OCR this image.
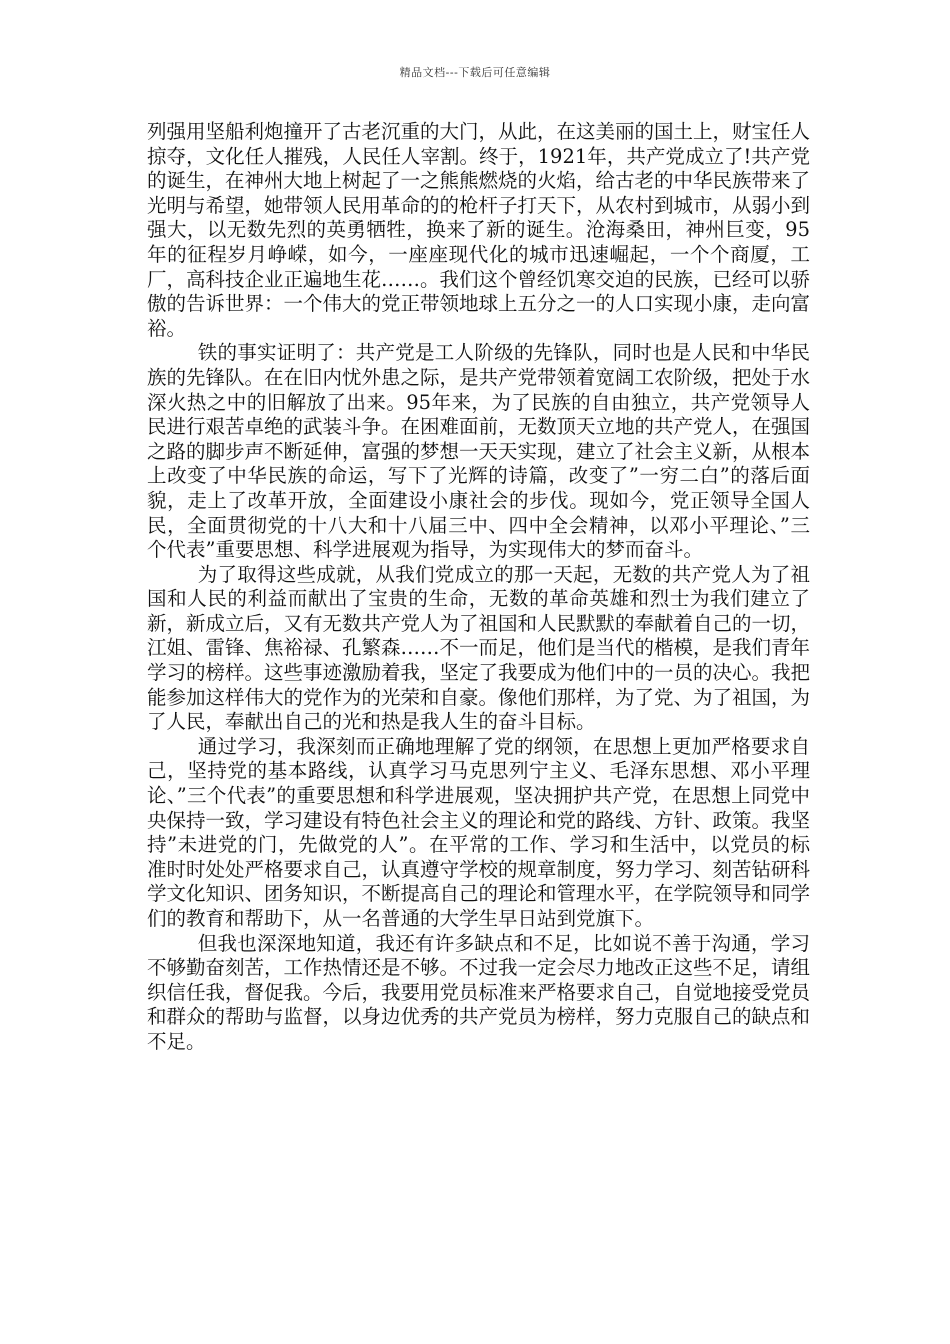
精品文档---下载后可任意编辑

列强用坚船利炮撞开了古老沉重的大门，从此，在这美丽的国土上，财宝任人掠夺，文化任人摧残，人民任人宰割。终于，1921年，共产党成立了!共产党的诞生，在神州大地上树起了一之熊熊燃烧的火焰，给古老的中华民族带来了光明与希望，她带领人民用革命的的枪杆子打天下，从农村到城市，从弱小到强大，以无数先烈的英勇牺牲，换来了新的诞生。沧海桑田，神州巨变，95年的征程岁月峥嵘，如今，一座座现代化的城市迅速崛起，一个个商厦，工厂，高科技企业正遍地生花……。我们这个曾经饥寒交迫的民族，已经可以骄傲的告诉世界：一个伟大的党正带领地球上五分之一的人口实现小康，走向富裕。

铁的事实证明了：共产党是工人阶级的先锋队，同时也是人民和中华民族的先锋队。在在旧内忧外患之际，是共产党带领着宽阔工农阶级，把处于水深火热之中的旧解放了出来。95年来，为了民族的自由独立，共产党领导人民进行艰苦卓绝的武装斗争。在困难面前，无数顶天立地的共产党人，在强国之路的脚步声不断延伸，富强的梦想一天天实现，建立了社会主义新，从根本上改变了中华民族的命运，写下了光辉的诗篇，改变了”一穷二白”的落后面貌，走上了改革开放，全面建设小康社会的步伐。现如今，党正领导全国人民，全面贯彻党的十八大和十八届三中、四中全会精神，以邓小平理论、”三个代表”重要思想、科学进展观为指导，为实现伟大的梦而奋斗。

为了取得这些成就，从我们党成立的那一天起，无数的共产党人为了祖国和人民的利益而献出了宝贵的生命，无数的革命英雄和烈士为我们建立了新，新成立后，又有无数共产党人为了祖国和人民默默的奉献着自己的一切，江姐、雷锋、焦裕禄、孔繁森……不一而足，他们是当代的楷模，是我们青年学习的榜样。这些事迹激励着我，坚定了我要成为他们中的一员的决心。我把能参加这样伟大的党作为的光荣和自豪。像他们那样，为了党、为了祖国，为了人民，奉献出自己的光和热是我人生的奋斗目标。

通过学习，我深刻而正确地理解了党的纲领，在思想上更加严格要求自己，坚持党的基本路线，认真学习马克思列宁主义、毛泽东思想、邓小平理论、”三个代表”的重要思想和科学进展观，坚决拥护共产党，在思想上同党中央保持一致，学习建设有特色社会主义的理论和党的路线、方针、政策。我坚持”未进党的门，先做党的人”。在平常的工作、学习和生活中，以党员的标准时时处处严格要求自己，认真遵守学校的规章制度，努力学习、刻苦钻研科学文化知识、团务知识，不断提高自己的理论和管理水平，在学院领导和同学们的教育和帮助下，从一名普通的大学生早日站到党旗下。

但我也深深地知道，我还有许多缺点和不足，比如说不善于沟通，学习不够勤奋刻苦，工作热情还是不够。不过我一定会尽力地改正这些不足，请组织信任我，督促我。今后，我要用党员标准来严格要求自己，自觉地接受党员和群众的帮助与监督，以身边优秀的共产党员为榜样，努力克服自己的缺点和不足。
